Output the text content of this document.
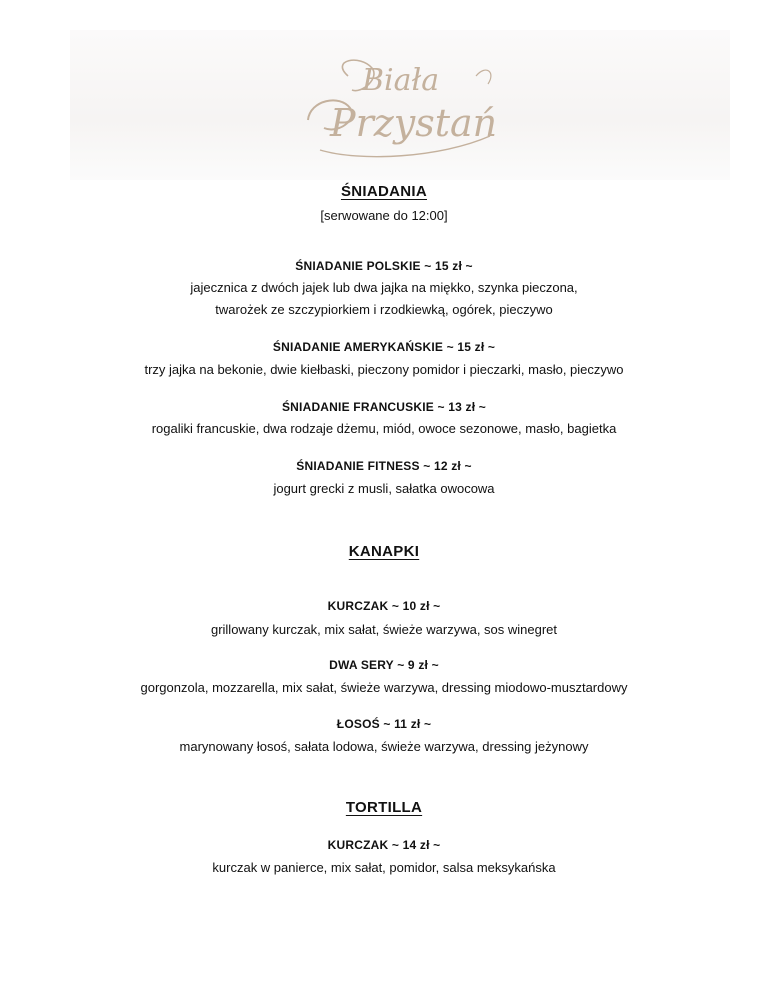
Biała
Przystań
ŚNIADANIA
[serwowane do 12:00]
ŚNIADANIE POLSKIE ~ 15 zł ~
jajecznica z dwóch jajek lub dwa jajka na miękko, szynka pieczona,
twarożek ze szczypiorkiem i rzodkiewką, ogórek, pieczywo
ŚNIADANIE AMERYKAŃSKIE ~ 15 zł ~
trzy jajka na bekonie, dwie kiełbaski, pieczony pomidor i pieczarki, masło, pieczywo
ŚNIADANIE FRANCUSKIE ~ 13 zł ~
rogaliki francuskie, dwa rodzaje dżemu, miód, owoce sezonowe, masło, bagietka
ŚNIADANIE FITNESS ~ 12 zł ~
jogurt grecki z musli, sałatka owocowa
KANAPKI
KURCZAK ~ 10 zł ~
grillowany kurczak, mix sałat, świeże warzywa, sos winegret
DWA SERY ~ 9 zł ~
gorgonzola, mozzarella, mix sałat, świeże warzywa, dressing miodowo-musztardowy
ŁOSOŚ ~ 11 zł ~
marynowany łosoś, sałata lodowa, świeże warzywa, dressing jeżynowy
TORTILLA
KURCZAK ~ 14 zł ~
kurczak w panierce, mix sałat, pomidor, salsa meksykańska
